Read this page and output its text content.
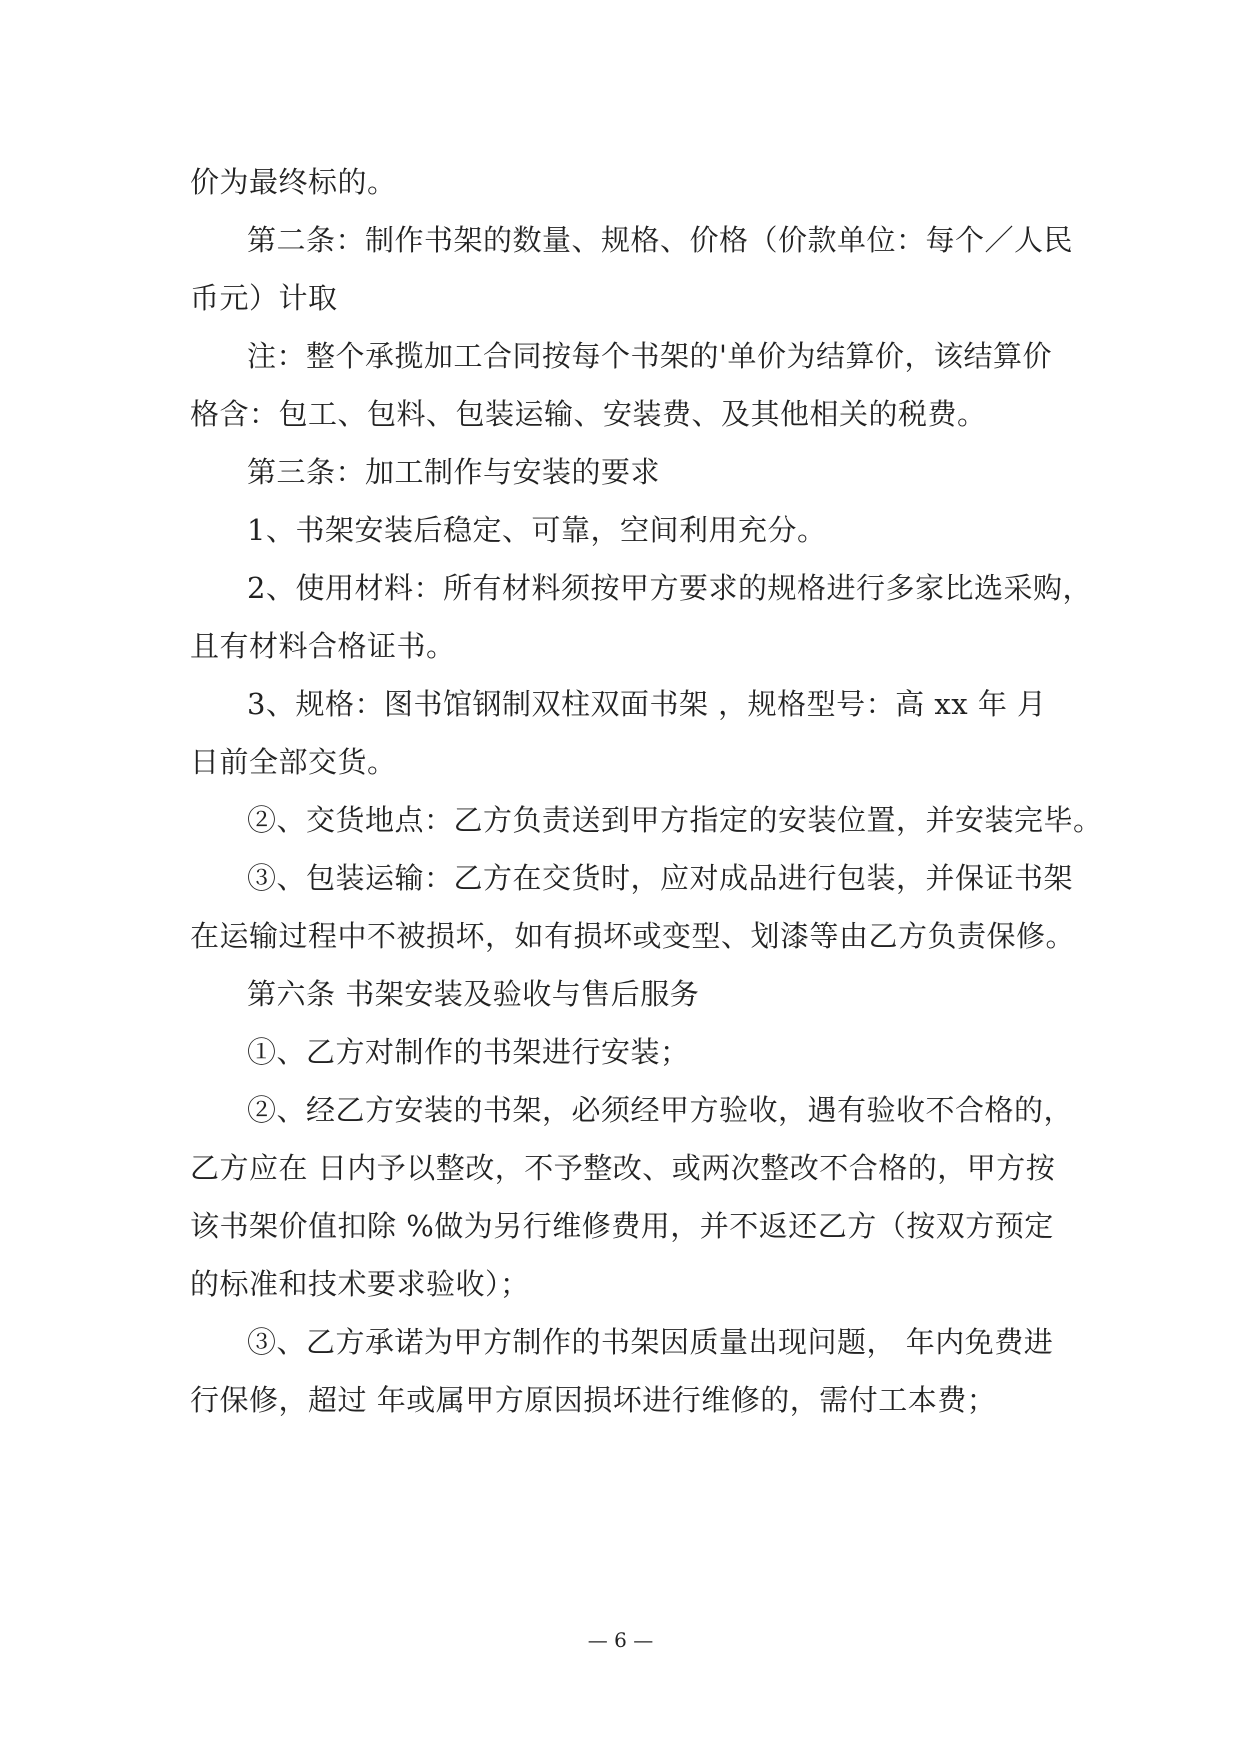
价为最终标的。
第二条：制作书架的数量、规格、价格（价款单位：每个／人民
币元）计取
注：整个承揽加工合同按每个书架的'单价为结算价，该结算价
格含：包工、包料、包装运输、安装费、及其他相关的税费。
第三条：加工制作与安装的要求
1、书架安装后稳定、可靠，空间利用充分。
2、使用材料：所有材料须按甲方要求的规格进行多家比选采购，
且有材料合格证书。
3、规格：图书馆钢制双柱双面书架 ，规格型号：高 xx 年 月
日前全部交货。
②、交货地点：乙方负责送到甲方指定的安装位置，并安装完毕。
③、包装运输：乙方在交货时，应对成品进行包装，并保证书架
在运输过程中不被损坏，如有损坏或变型、划漆等由乙方负责保修。
第六条 书架安装及验收与售后服务
①、乙方对制作的书架进行安装；
②、经乙方安装的书架，必须经甲方验收，遇有验收不合格的，
乙方应在 日内予以整改，不予整改、或两次整改不合格的，甲方按
该书架价值扣除 %做为另行维修费用，并不返还乙方（按双方预定
的标准和技术要求验收）；
③、乙方承诺为甲方制作的书架因质量出现问题， 年内免费进
行保修，超过 年或属甲方原因损坏进行维修的，需付工本费；
— 6 —
